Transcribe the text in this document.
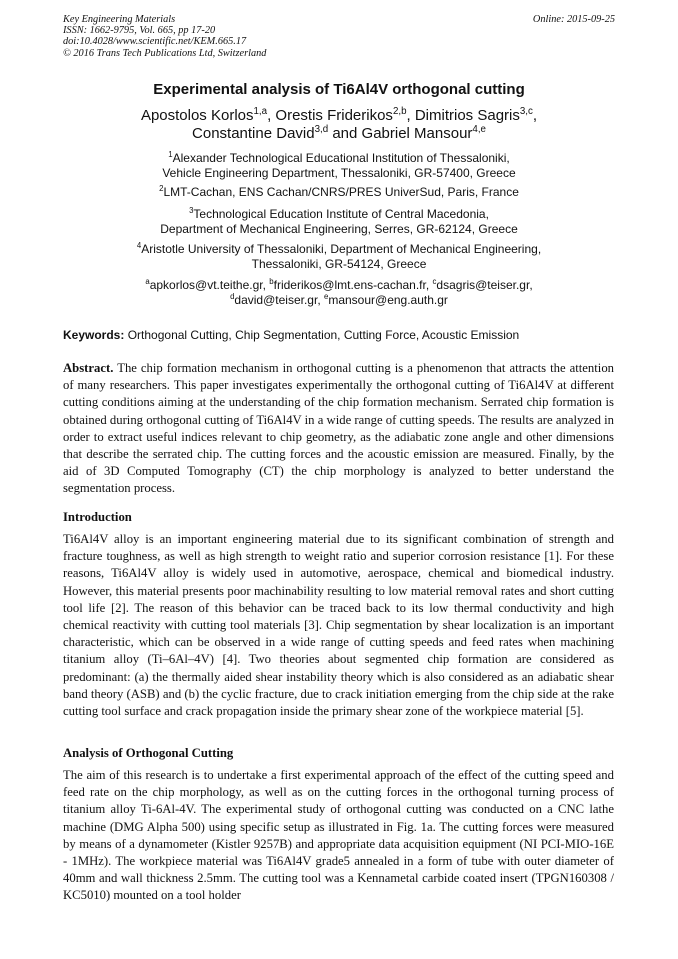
Key Engineering Materials
ISSN: 1662-9795, Vol. 665, pp 17-20
doi:10.4028/www.scientific.net/KEM.665.17
© 2016 Trans Tech Publications Ltd, Switzerland
Online: 2015-09-25
Experimental analysis of Ti6Al4V orthogonal cutting
Apostolos Korlos$^{1,a}$, Orestis Friderikos$^{2,b}$, Dimitrios Sagris$^{3,c}$,
Constantine David$^{3,d}$ and Gabriel Mansour$^{4,e}$
$^1$Alexander Technological Educational Institution of Thessaloniki,
Vehicle Engineering Department, Thessaloniki, GR-57400, Greece
$^2$LMT-Cachan, ENS Cachan/CNRS/PRES UniverSud, Paris, France
$^3$Technological Education Institute of Central Macedonia,
Department of Mechanical Engineering, Serres, GR-62124, Greece
$^4$Aristotle University of Thessaloniki, Department of Mechanical Engineering,
Thessaloniki, GR-54124, Greece
$^a$apkorlos@vt.teithe.gr, $^b$friderikos@lmt.ens-cachan.fr, $^c$dsagris@teiser.gr,
$^d$david@teiser.gr, $^e$mansour@eng.auth.gr
Keywords: Orthogonal Cutting, Chip Segmentation, Cutting Force, Acoustic Emission
Abstract. The chip formation mechanism in orthogonal cutting is a phenomenon that attracts the attention of many researchers. This paper investigates experimentally the orthogonal cutting of Ti6Al4V at different cutting conditions aiming at the understanding of the chip formation mechanism. Serrated chip formation is obtained during orthogonal cutting of Ti6Al4V in a wide range of cutting speeds. The results are analyzed in order to extract useful indices relevant to chip geometry, as the adiabatic zone angle and other dimensions that describe the serrated chip. The cutting forces and the acoustic emission are measured. Finally, by the aid of 3D Computed Tomography (CT) the chip morphology is analyzed to better understand the segmentation process.
Introduction
Ti6Al4V alloy is an important engineering material due to its significant combination of strength and fracture toughness, as well as high strength to weight ratio and superior corrosion resistance [1]. For these reasons, Ti6Al4V alloy is widely used in automotive, aerospace, chemical and biomedical industry. However, this material presents poor machinability resulting to low material removal rates and short cutting tool life [2]. The reason of this behavior can be traced back to its low thermal conductivity and high chemical reactivity with cutting tool materials [3]. Chip segmentation by shear localization is an important characteristic, which can be observed in a wide range of cutting speeds and feed rates when machining titanium alloy (Ti–6Al–4V) [4]. Two theories about segmented chip formation are considered as predominant: (a) the thermally aided shear instability theory which is also considered as an adiabatic shear band theory (ASB) and (b) the cyclic fracture, due to crack initiation emerging from the chip side at the rake cutting tool surface and crack propagation inside the primary shear zone of the workpiece material [5].
Analysis of Orthogonal Cutting
The aim of this research is to undertake a first experimental approach of the effect of the cutting speed and feed rate on the chip morphology, as well as on the cutting forces in the orthogonal turning process of titanium alloy Ti-6Al-4V. The experimental study of orthogonal cutting was conducted on a CNC lathe machine (DMG Alpha 500) using specific setup as illustrated in Fig. 1a. The cutting forces were measured by means of a dynamometer (Kistler 9257B) and appropriate data acquisition equipment (NI PCI-MIO-16E - 1MHz). The workpiece material was Ti6Al4V grade5 annealed in a form of tube with outer diameter of 40mm and wall thickness 2.5mm. The cutting tool was a Kennametal carbide coated insert (TPGN160308 / KC5010) mounted on a tool holder
